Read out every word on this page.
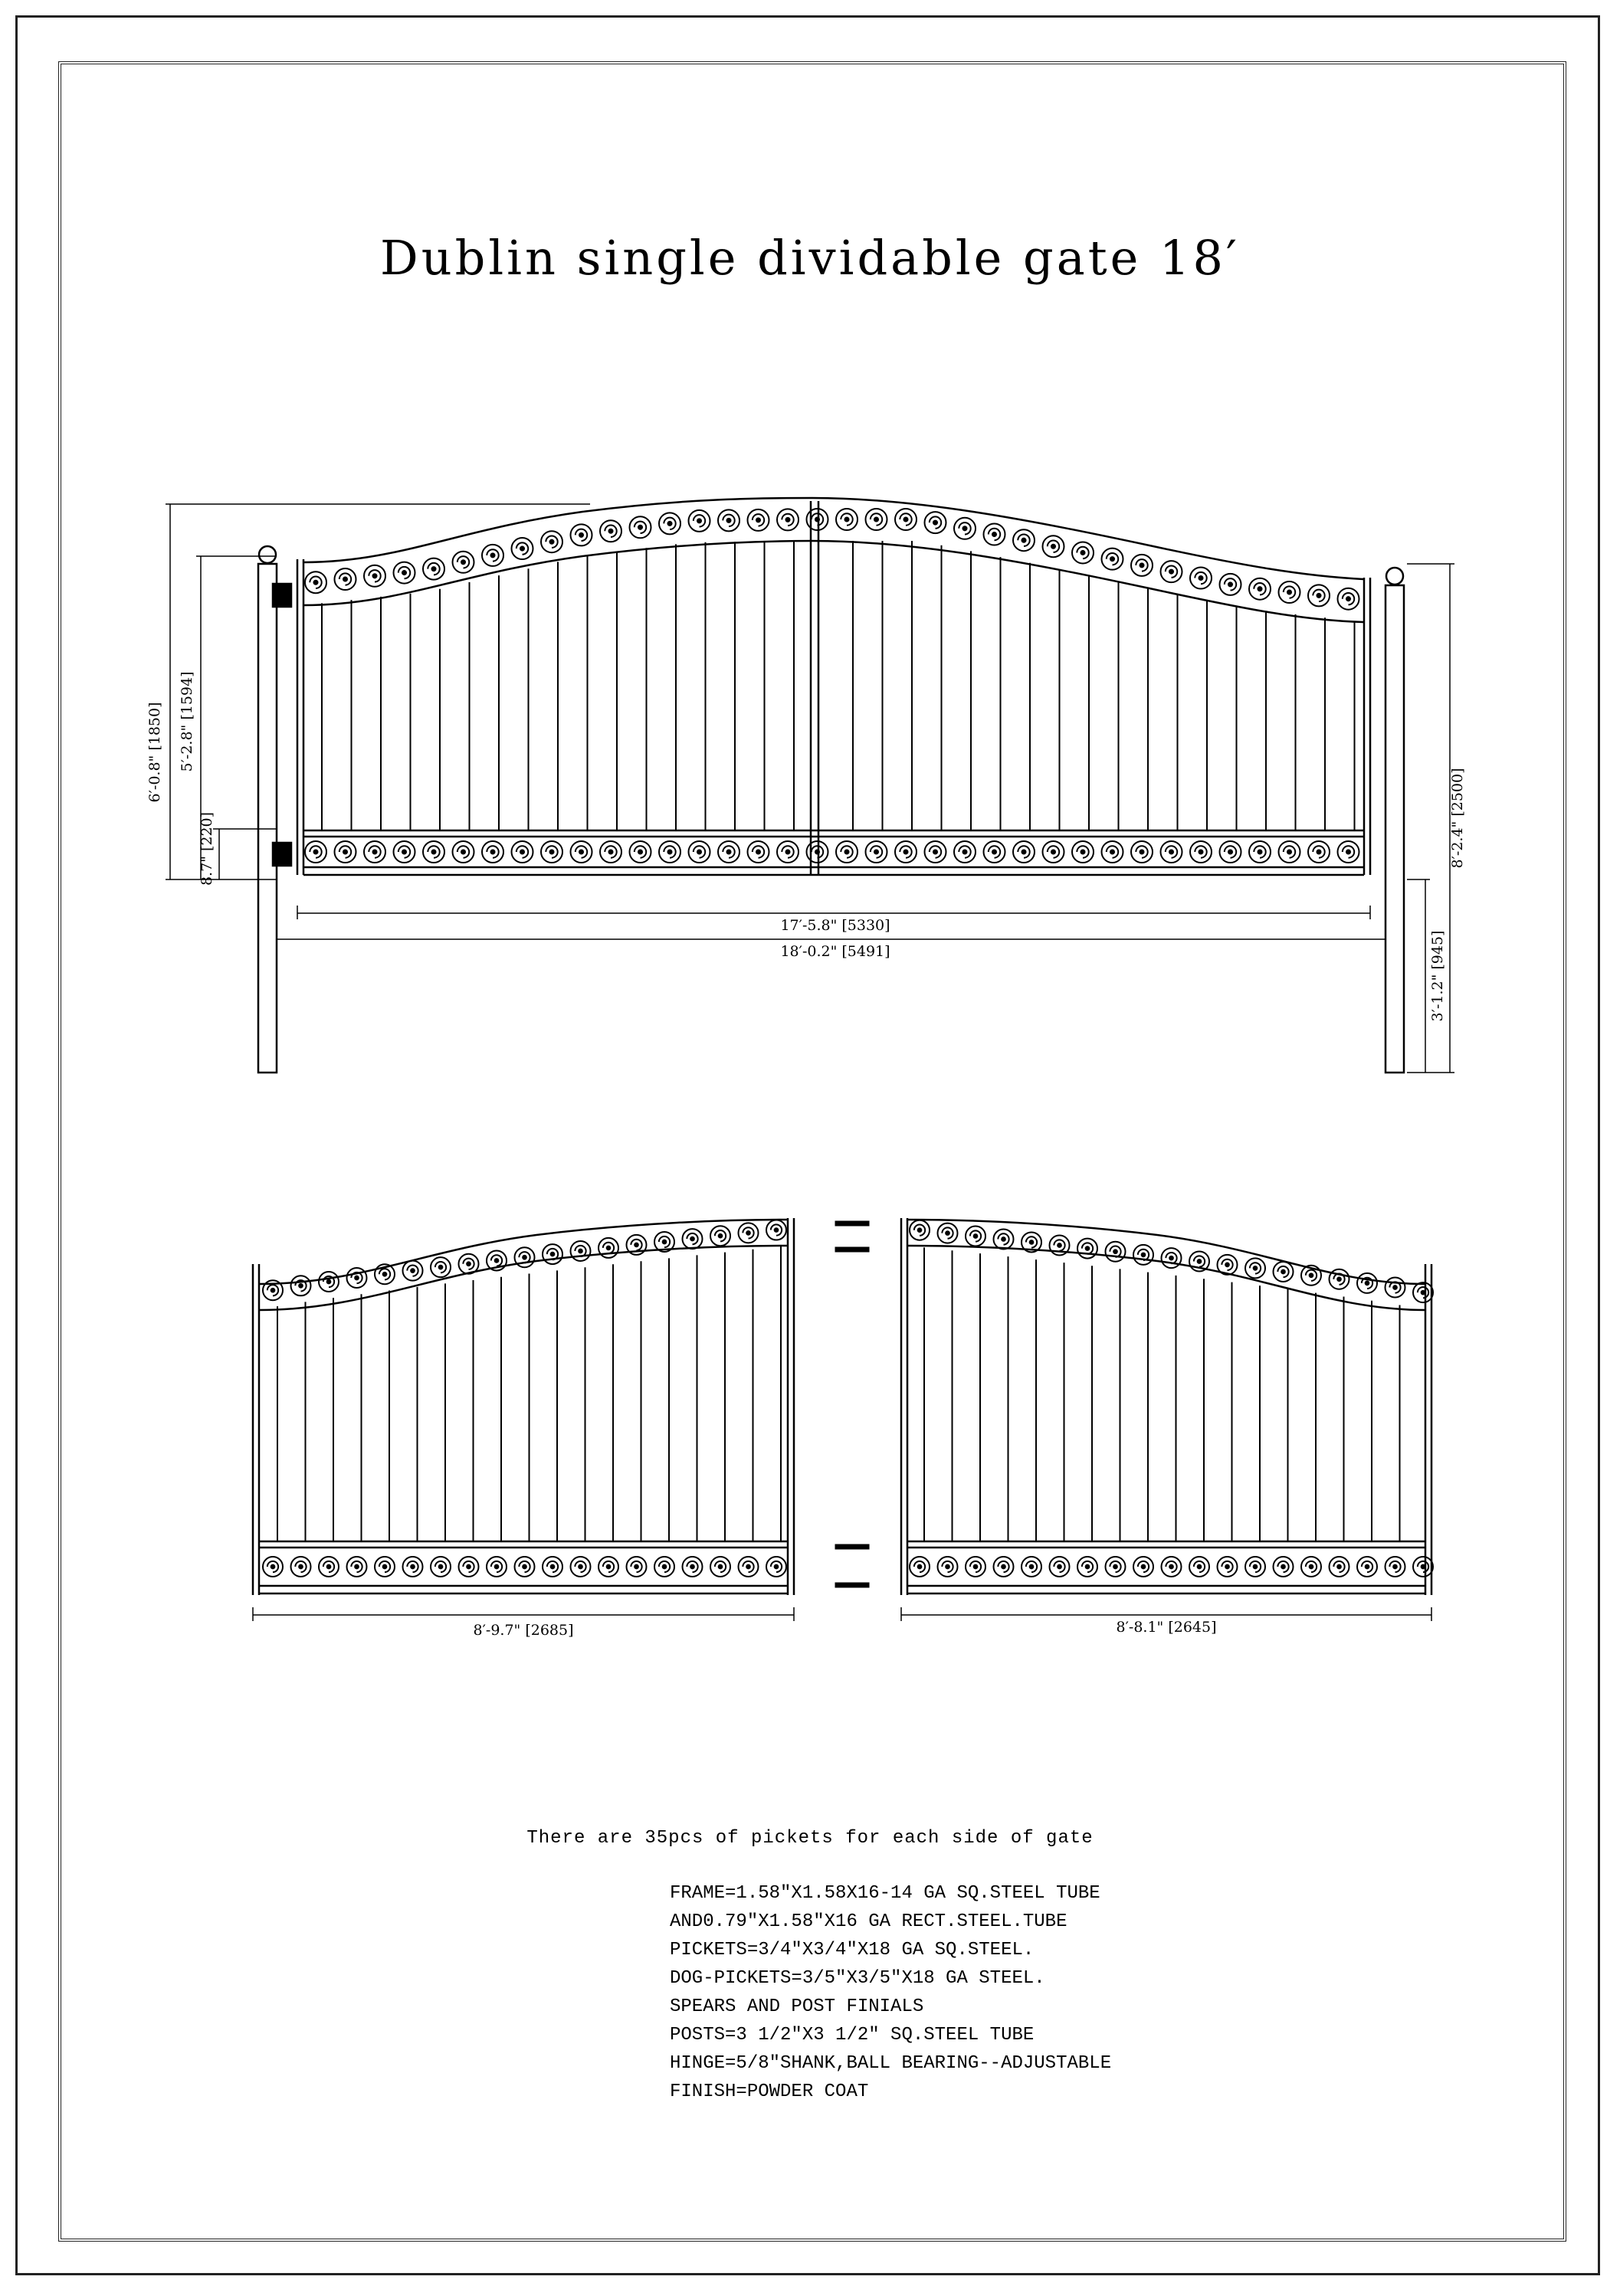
Dublin single dividable gate 18′
6′-0.8" [1850] 5′-2.8" [1594]
8.7" [220]	8′-2.4" [2500]
3′-1.2" [945]
17′-5.8" [5330]
18′-0.2" [5491]
8′-9.7" [2685]	8′-8.1" [2645]
There are 35pcs of pickets for each side of gate
FRAME=1.58"X1.58X16-14 GA SQ.STEEL TUBE
AND0.79"X1.58"X16 GA RECT.STEEL.TUBE
PICKETS=3/4"X3/4"X18 GA SQ.STEEL.
DOG-PICKETS=3/5"X3/5"X18 GA STEEL.
SPEARS AND POST FINIALS
POSTS=3 1/2"X3 1/2" SQ.STEEL TUBE
HINGE=5/8"SHANK,BALL BEARING--ADJUSTABLE
FINISH=POWDER COAT
